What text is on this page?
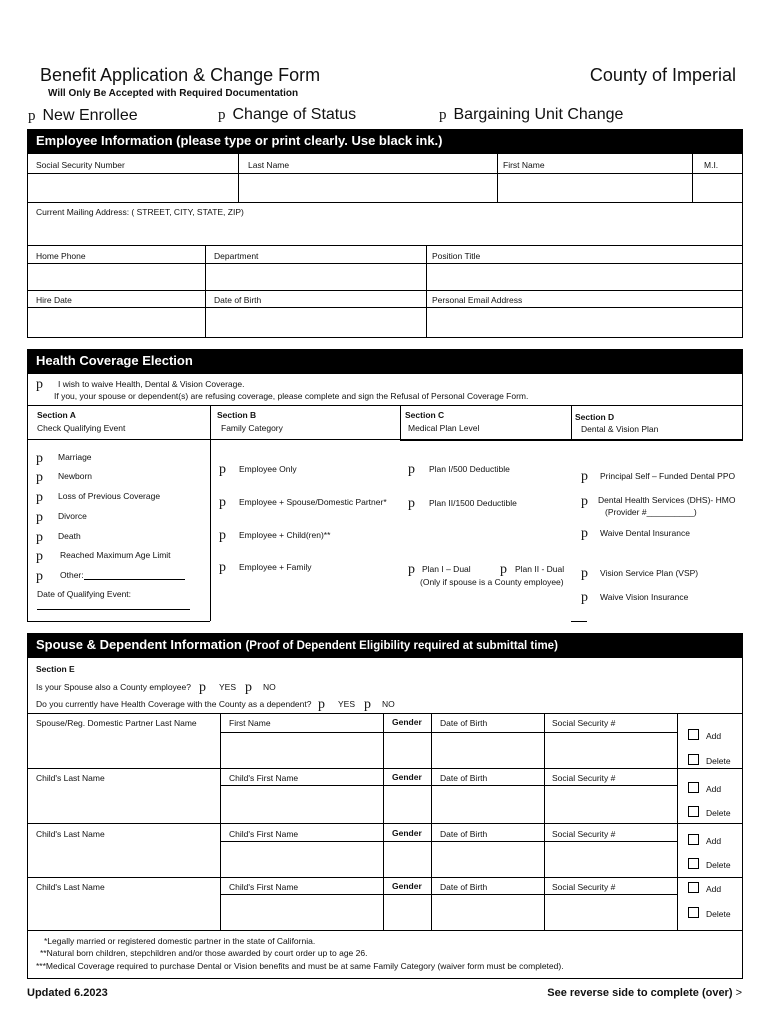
Benefit Application & Change Form
Will Only Be Accepted with Required Documentation
County of Imperial
p New Enrollee	p Change of Status	p Bargaining Unit Change
Employee Information (please type or print clearly. Use black ink.)
Social Security Number	Last Name	First Name	M.I.
Current Mailing Address: ( STREET, CITY, STATE, ZIP)
Home Phone	Department	Position Title
Hire Date	Date of Birth	Personal Email Address
Health Coverage Election
p I wish to waive Health, Dental & Vision Coverage.
If you, your spouse or dependent(s) are refusing coverage, please complete and sign the Refusal of Personal Coverage Form.
Section A
Check Qualifying Event
Section B
Family Category
Section C
Medical Plan Level
Section D
Dental & Vision Plan
p Marriage
p Newborn
p Loss of Previous Coverage
p Divorce
p Death
p Reached Maximum Age Limit
p Other:
Date of Qualifying Event:
p Employee Only
p Employee + Spouse/Domestic Partner*
p Employee + Child(ren)**
p Employee + Family
p Plan I/500 Deductible
p Plan II/1500 Deductible
p Plan I – Dual p Plan II - Dual
(Only if spouse is a County employee)
p Principal Self – Funded Dental PPO
p Dental Health Services (DHS)- HMO
(Provider #__________)
p Waive Dental Insurance
p Vision Service Plan (VSP)
p Waive Vision Insurance
Spouse & Dependent Information (Proof of Dependent Eligibility required at submittal time)
Section E
Is your Spouse also a County employee? p YES p NO
Do you currently have Health Coverage with the County as a dependent? p YES p NO
Spouse/Reg. Domestic Partner Last Name	First Name	Gender Date of Birth	Social Security #
Add
Delete
Child's Last Name	Child's First Name	Gender Date of Birth	Social Security #
Add
Delete
Child's Last Name	Child's First Name	Gender Date of Birth	Social Security #
Add
Delete
Child's Last Name	Child's First Name	Gender Date of Birth	Social Security #	Add
Delete
*Legally married or registered domestic partner in the state of California.
**Natural born children, stepchildren and/or those awarded by court order up to age 26.
***Medical Coverage required to purchase Dental or Vision benefits and must be at same Family Category (waiver form must be completed).
Updated 6.2023	See reverse side to complete (over) >
